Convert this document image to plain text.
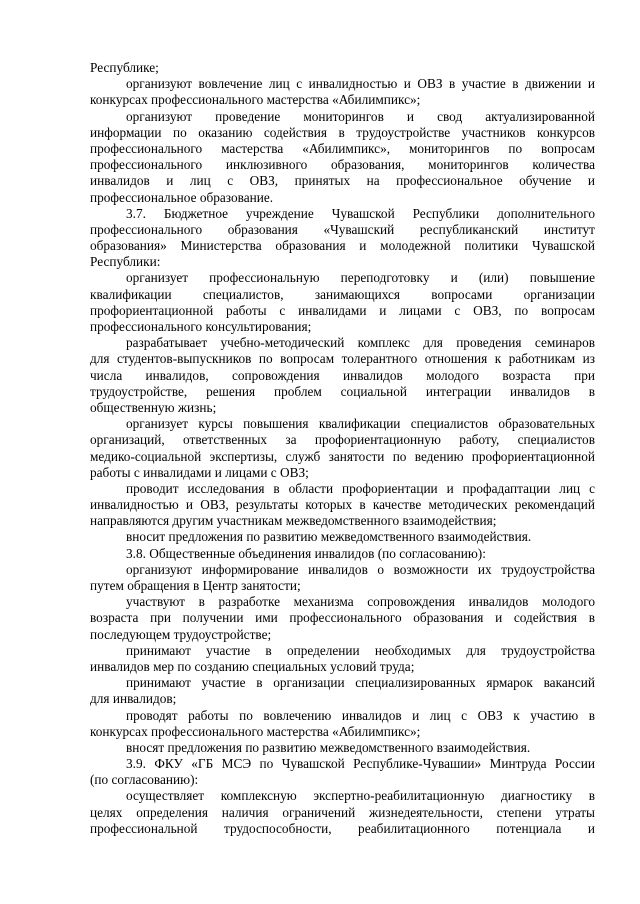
Республике;
организуют вовлечение лиц с инвалидностью и ОВЗ в участие в движении и
конкурсах профессионального мастерства «Абилимпикс»;
организуют проведение мониторингов и свод актуализированной
информации по оказанию содействия в трудоустройстве участников конкурсов
профессионального мастерства «Абилимпикс», мониторингов по вопросам
профессионального инклюзивного образования, мониторингов количества
инвалидов и лиц с ОВЗ, принятых на профессиональное обучение и
профессиональное образование.
3.7. Бюджетное учреждение Чувашской Республики дополнительного
профессионального образования «Чувашский республиканский институт
образования» Министерства образования и молодежной политики Чувашской
Республики:
организует профессиональную переподготовку и (или) повышение
квалификации специалистов, занимающихся вопросами организации
профориентационной работы с инвалидами и лицами с ОВЗ, по вопросам
профессионального консультирования;
разрабатывает учебно-методический комплекс для проведения семинаров
для студентов-выпускников по вопросам толерантного отношения к работникам из
числа инвалидов, сопровождения инвалидов молодого возраста при
трудоустройстве, решения проблем социальной интеграции инвалидов в
общественную жизнь;
организует курсы повышения квалификации специалистов образовательных
организаций, ответственных за профориентационную работу, специалистов
медико-социальной экспертизы, служб занятости по ведению профориентационной
работы с инвалидами и лицами с ОВЗ;
проводит исследования в области профориентации и профадаптации лиц с
инвалидностью и ОВЗ, результаты которых в качестве методических рекомендаций
направляются другим участникам межведомственного взаимодействия;
вносит предложения по развитию межведомственного взаимодействия.
3.8. Общественные объединения инвалидов (по согласованию):
организуют информирование инвалидов о возможности их трудоустройства
путем обращения в Центр занятости;
участвуют в разработке механизма сопровождения инвалидов молодого
возраста при получении ими профессионального образования и содействия в
последующем трудоустройстве;
принимают участие в определении необходимых для трудоустройства
инвалидов мер по созданию специальных условий труда;
принимают участие в организации специализированных ярмарок вакансий
для инвалидов;
проводят работы по вовлечению инвалидов и лиц с ОВЗ к участию в
конкурсах профессионального мастерства «Абилимпикс»;
вносят предложения по развитию межведомственного взаимодействия.
3.9. ФКУ «ГБ МСЭ по Чувашской Республике-Чувашии» Минтруда России
(по согласованию):
осуществляет комплексную экспертно-реабилитационную диагностику в
целях определения наличия ограничений жизнедеятельности, степени утраты
профессиональной трудоспособности, реабилитационного потенциала и
